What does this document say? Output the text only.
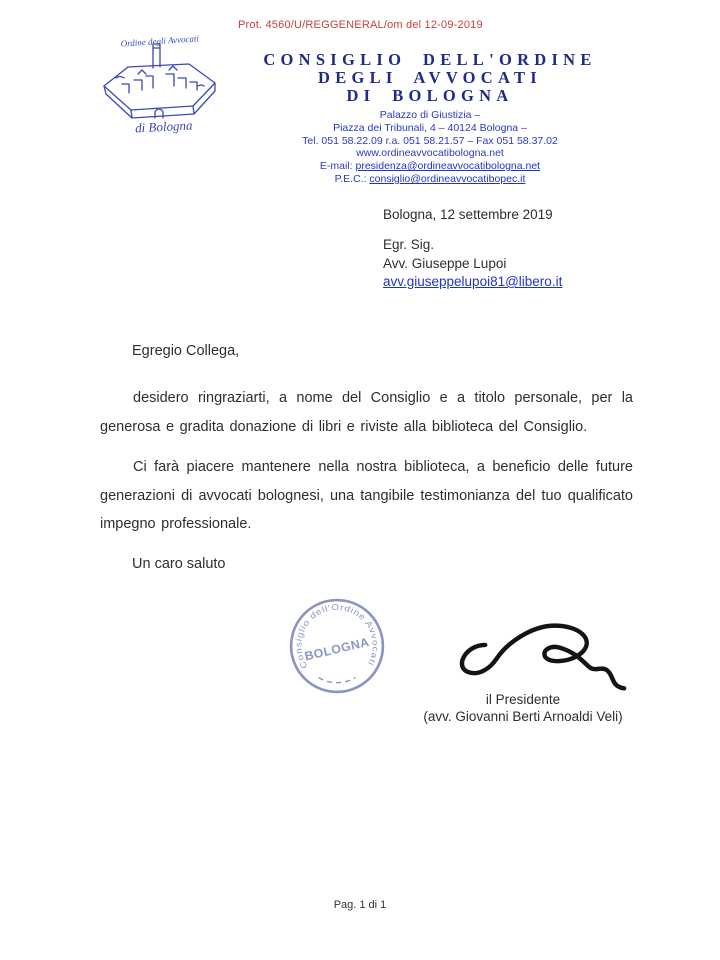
Prot. 4560/U/REGGENERAL/om del 12-09-2019
Ordine degli Avvocati
di Bologna
CONSIGLIO DELL'ORDINE
DEGLI AVVOCATI
DI BOLOGNA
Palazzo di Giustizia –
Piazza dei Tribunali, 4 – 40124 Bologna –
Tel. 051 58.22.09 r.a. 051 58.21.57 – Fax 051 58.37.02
www.ordineavvocatibologna.net
E-mail: presidenza@ordineavvocatibologna.net
P.E.C.: consiglio@ordineavvocatibopec.it
Bologna, 12 settembre 2019
Egr. Sig.
Avv. Giuseppe Lupoi
avv.giuseppelupoi81@libero.it
Egregio Collega,

desidero ringraziarti, a nome del Consiglio e a titolo personale, per la generosa e gradita donazione di libri e riviste alla biblioteca del Consiglio.

Ci farà piacere mantenere nella nostra biblioteca, a beneficio delle future generazioni di avvocati bolognesi, una tangibile testimonianza del tuo qualificato impegno professionale.

Un caro saluto
Consiglio dell'Ordine Avvocati
BOLOGNA
il Presidente
(avv. Giovanni Berti Arnoaldi Veli)
Pag. 1 di 1
